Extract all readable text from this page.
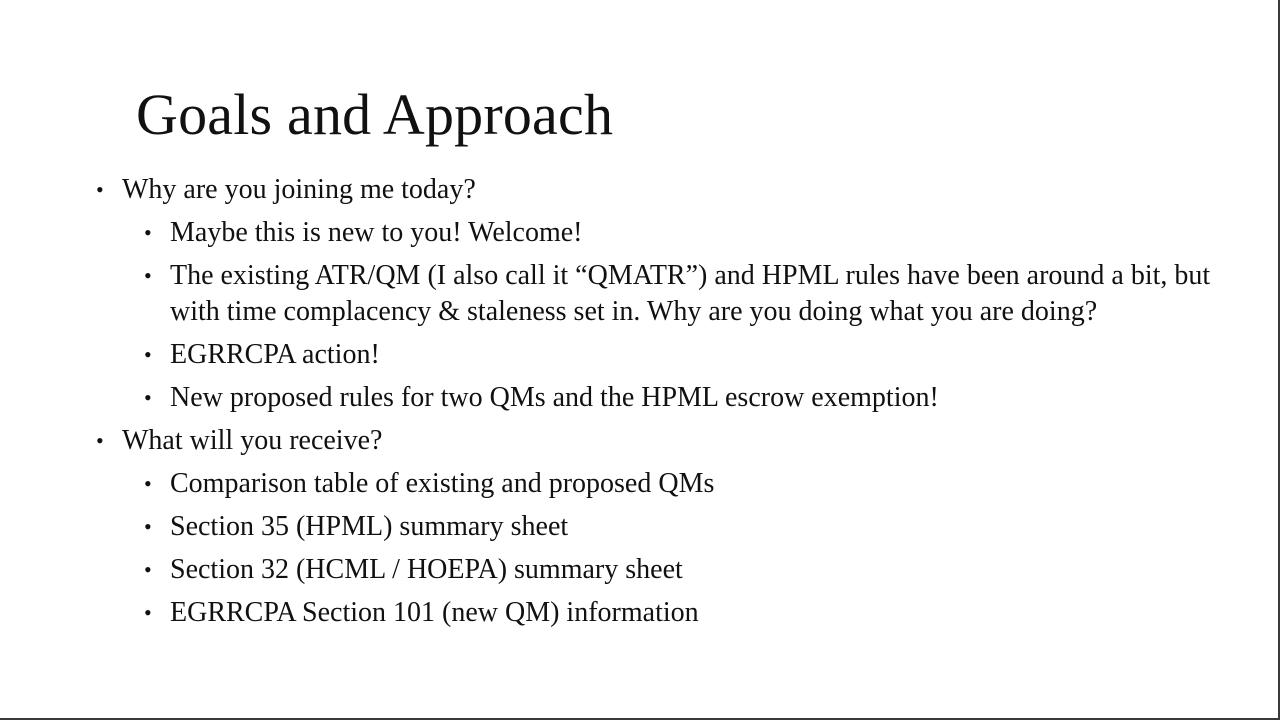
Goals and Approach
• Why are you joining me today?
• Maybe this is new to you! Welcome!
• The existing ATR/QM (I also call it “QMATR”) and HPML rules have been around a bit, but with time complacency & staleness set in. Why are you doing what you are doing?
• EGRRCPA action!
• New proposed rules for two QMs and the HPML escrow exemption!
• What will you receive?
• Comparison table of existing and proposed QMs
• Section 35 (HPML) summary sheet
• Section 32 (HCML / HOEPA) summary sheet
• EGRRCPA Section 101 (new QM) information
